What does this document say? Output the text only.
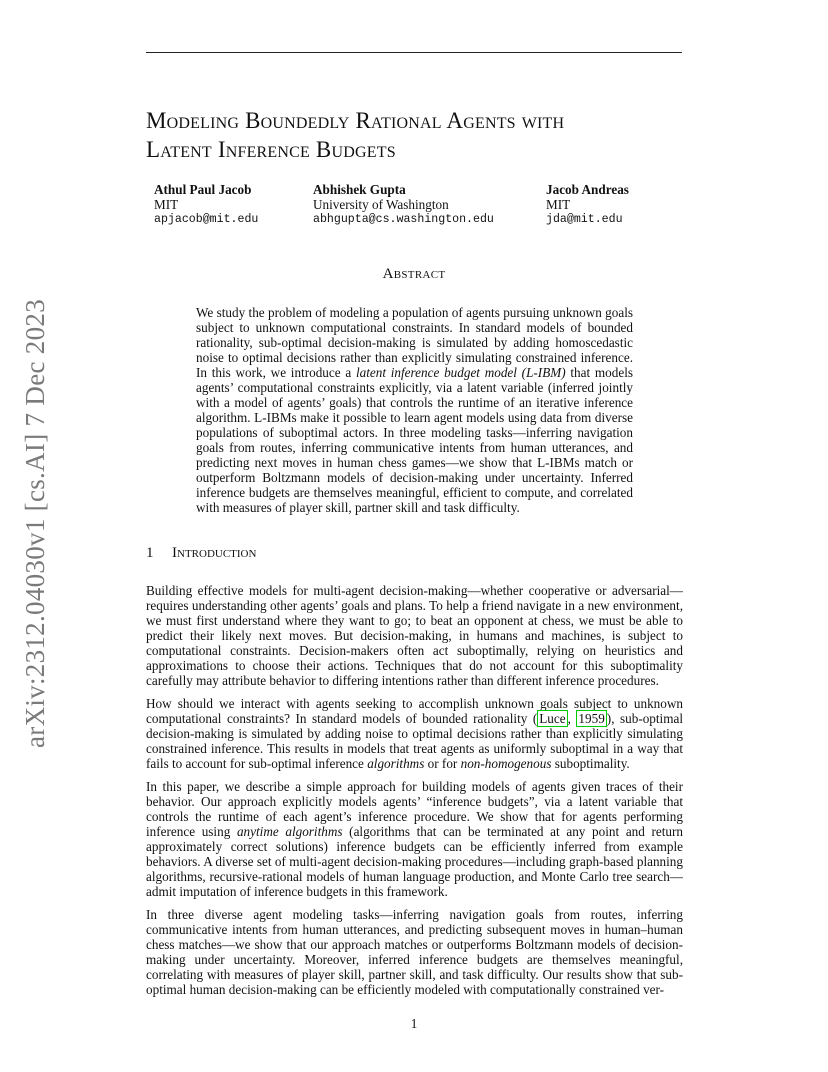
arXiv:2312.04030v1 [cs.AI] 7 Dec 2023
Modeling Boundedly Rational Agents with
Latent Inference Budgets
Athul Paul Jacob
MIT
apjacob@mit.edu
Abhishek Gupta
University of Washington
abhgupta@cs.washington.edu
Jacob Andreas
MIT
jda@mit.edu
Abstract
We study the problem of modeling a population of agents pursuing unknown goals subject to unknown computational constraints. In standard models of bounded rationality, sub-optimal decision-making is simulated by adding homoscedastic noise to optimal decisions rather than explicitly simulating constrained inference. In this work, we introduce a latent inference budget model (L-IBM) that models agents’ computational constraints explicitly, via a latent variable (inferred jointly with a model of agents’ goals) that controls the runtime of an iterative inference algorithm. L-IBMs make it possible to learn agent models using data from diverse populations of suboptimal actors. In three modeling tasks—inferring navigation goals from routes, inferring communicative intents from human utterances, and predicting next moves in human chess games—we show that L-IBMs match or outperform Boltzmann models of decision-making under uncertainty. Inferred inference budgets are themselves meaningful, efficient to compute, and correlated with measures of player skill, partner skill and task difficulty.
1 Introduction

Building effective models for multi-agent decision-making—whether cooperative or adversarial—requires understanding other agents’ goals and plans. To help a friend navigate in a new environment, we must first understand where they want to go; to beat an opponent at chess, we must be able to predict their likely next moves. But decision-making, in humans and machines, is subject to computational constraints. Decision-makers often act suboptimally, relying on heuristics and approximations to choose their actions. Techniques that do not account for this suboptimality carefully may attribute behavior to differing intentions rather than different inference procedures.

How should we interact with agents seeking to accomplish unknown goals subject to unknown computational constraints? In standard models of bounded rationality ( Luce , 1959 ), sub-optimal decision-making is simulated by adding noise to optimal decisions rather than explicitly simulating constrained inference. This results in models that treat agents as uniformly suboptimal in a way that fails to account for sub-optimal inference algorithms or for non-homogenous suboptimality.

In this paper, we describe a simple approach for building models of agents given traces of their behavior. Our approach explicitly models agents’ “inference budgets”, via a latent variable that controls the runtime of each agent’s inference procedure. We show that for agents performing inference using anytime algorithms (algorithms that can be terminated at any point and return approximately correct solutions) inference budgets can be efficiently inferred from example behaviors. A diverse set of multi-agent decision-making procedures—including graph-based planning algorithms, recursive-rational models of human language production, and Monte Carlo tree search—admit imputation of inference budgets in this framework.

In three diverse agent modeling tasks—inferring navigation goals from routes, inferring communicative intents from human utterances, and predicting subsequent moves in human–human chess matches—we show that our approach matches or outperforms Boltzmann models of decision-making under uncertainty. Moreover, inferred inference budgets are themselves meaningful, correlating with measures of player skill, partner skill, and task difficulty. Our results show that sub-optimal human decision-making can be efficiently modeled with computationally constrained ver-

1
